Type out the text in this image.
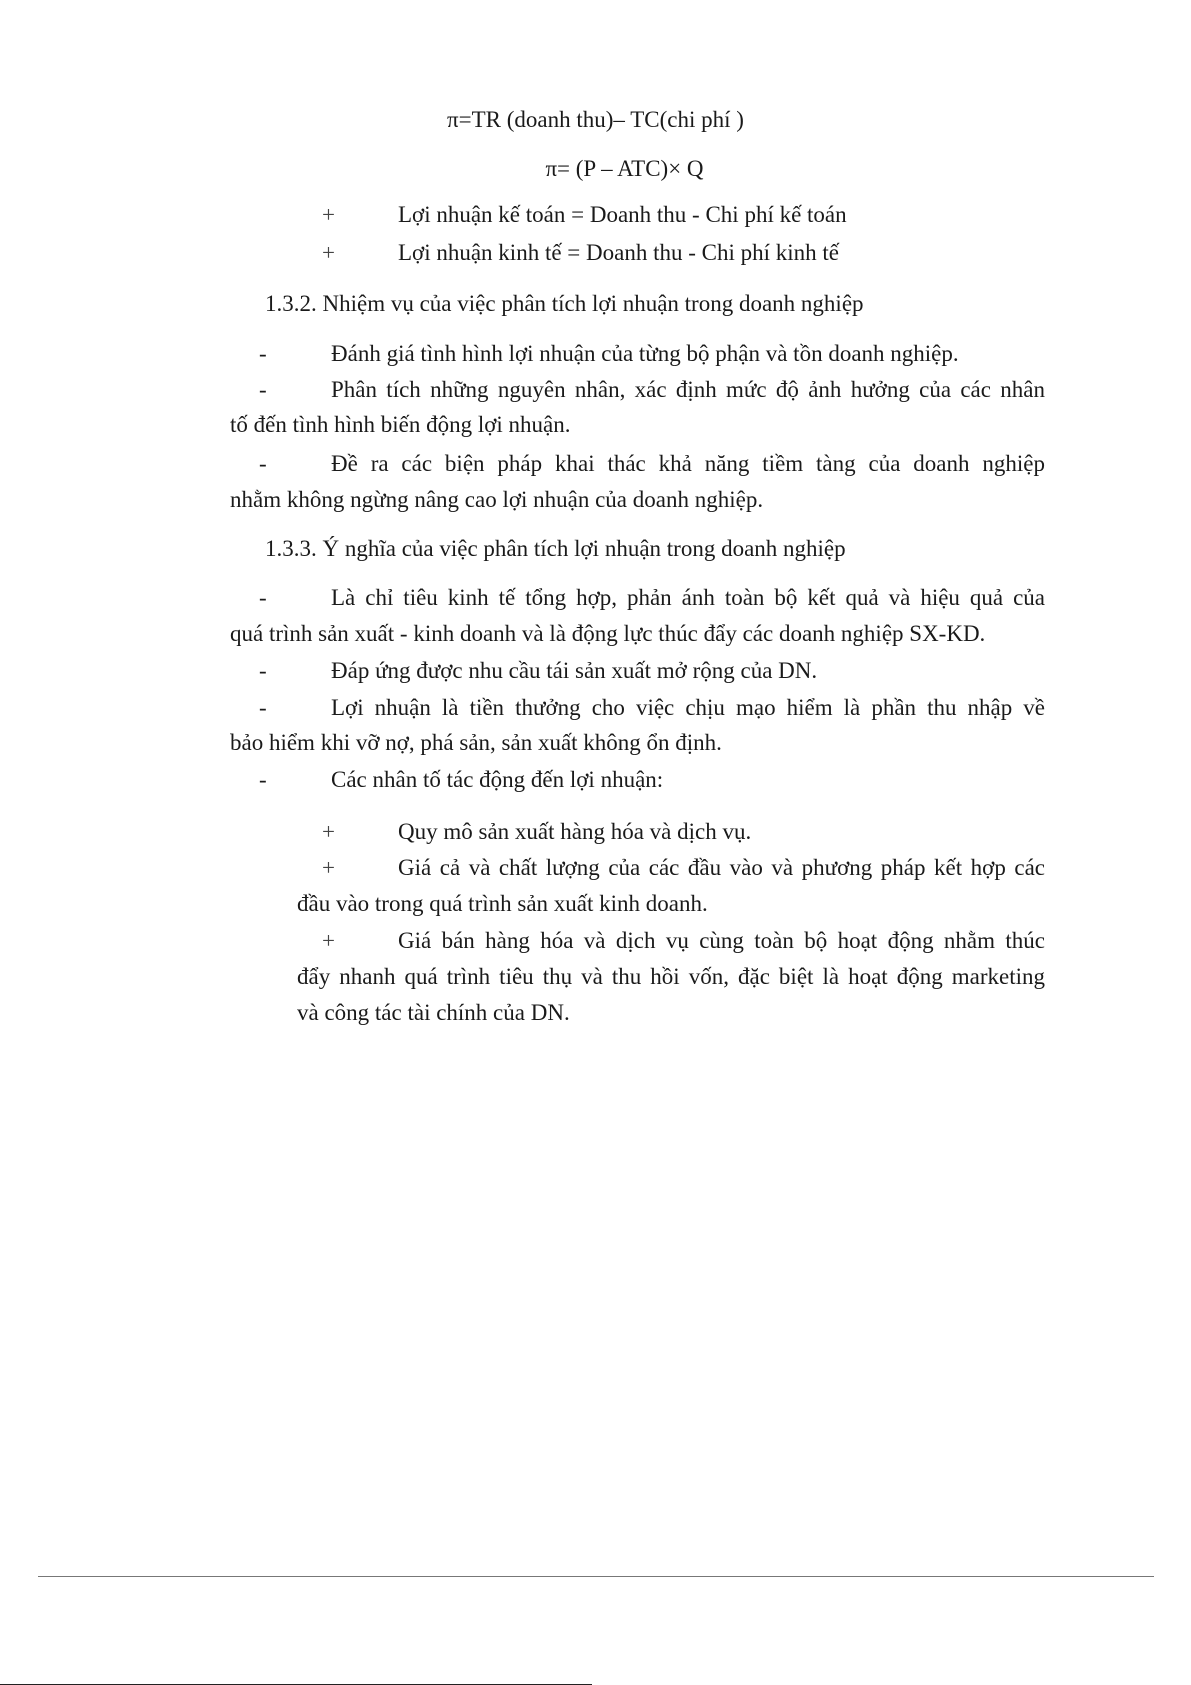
π=TR (doanh thu)– TC(chi phí )
π= (P – ATC)× Q
+	Lợi nhuận kế toán = Doanh thu - Chi phí kế toán
+	Lợi nhuận kinh tế = Doanh thu - Chi phí kinh tế
1.3.2. Nhiệm vụ của việc phân tích lợi nhuận trong doanh nghiệp
-	Đánh giá tình hình lợi nhuận của từng bộ phận và tồn doanh nghiệp.
-	Phân tích những nguyên nhân, xác định mức độ ảnh hưởng của các nhân
tố đến tình hình biến động lợi nhuận.
-	Đề ra các biện pháp khai thác khả năng tiềm tàng của doanh nghiệp
nhằm không ngừng nâng cao lợi nhuận của doanh nghiệp.
1.3.3. Ý nghĩa của việc phân tích lợi nhuận trong doanh nghiệp
-	Là chỉ tiêu kinh tế tổng hợp, phản ánh toàn bộ kết quả và hiệu quả của
quá trình sản xuất - kinh doanh và là động lực thúc đẩy các doanh nghiệp SX-KD.
-	Đáp ứng được nhu cầu tái sản xuất mở rộng của DN.
-	Lợi nhuận là tiền thưởng cho việc chịu mạo hiểm là phần thu nhập về
bảo hiểm khi vỡ nợ, phá sản, sản xuất không ổn định.
-	Các nhân tố tác động đến lợi nhuận:
+	Quy mô sản xuất hàng hóa và dịch vụ.
+	Giá cả và chất lượng của các đầu vào và phương pháp kết hợp các
đầu vào trong quá trình sản xuất kinh doanh.
+	Giá bán hàng hóa và dịch vụ cùng toàn bộ hoạt động nhằm thúc
đẩy nhanh quá trình tiêu thụ và thu hồi vốn, đặc biệt là hoạt động marketing
và công tác tài chính của DN.
